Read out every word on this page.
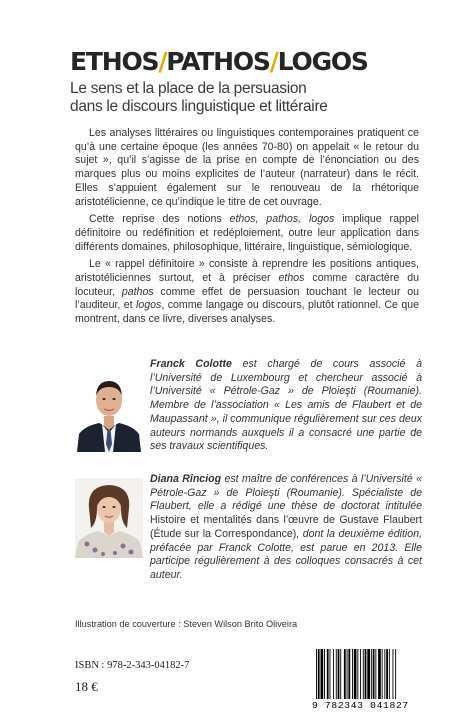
ETHOS/PATHOS/LOGOS
Le sens et la place de la persuasion
dans le discours linguistique et littéraire

Les analyses littéraires ou linguistiques contemporaines pratiquent ce qu’à une certaine époque (les années 70-80) on appelait « le retour du sujet », qu’il s’agisse de la prise en compte de l’énonciation ou des marques plus ou moins explicites de l’auteur (narrateur) dans le récit. Elles s’appuient également sur le renouveau de la rhétorique aristotélicienne, ce qu’indique le titre de cet ouvrage.

Cette reprise des notions ethos, pathos, logos implique rappel définitoire ou redéfinition et redéploiement, outre leur application dans différents domaines, philosophique, littéraire, linguistique, sémiologique.

Le « rappel définitoire » consiste à reprendre les positions antiques, aristotéliciennes surtout, et à préciser ethos comme caractère du locuteur, pathos comme effet de persuasion touchant le lecteur ou l’auditeur, et logos, comme langage ou discours, plutôt rationnel. Ce que montrent, dans ce livre, diverses analyses.

Franck Colotte est chargé de cours associé à l’Université de Luxembourg et chercheur associé à l’Université « Pétrole-Gaz » de Ploieşti (Roumanie). Membre de l’association « Les amis de Flaubert et de Maupassant », il communique régulièrement sur ces deux auteurs normands auxquels il a consacré une partie de ses travaux scientifiques.
Diana Rînciog est maître de conférences à l’Université « Pétrole-Gaz » de Ploieşti (Roumanie). Spécialiste de Flaubert, elle a rédigé une thèse de doctorat intitulée Histoire et mentalités dans l’œuvre de Gustave Flaubert (Étude sur la Correspondance), dont la deuxième édition, préfacée par Franck Colotte, est parue en 2013. Elle participe régulièrement à des colloques consacrés à cet auteur.
Illustration de couverture : Steven Wilson Brito Oliveira
ISBN : 978-2-343-04182-7
18 €
9 782343 041827
